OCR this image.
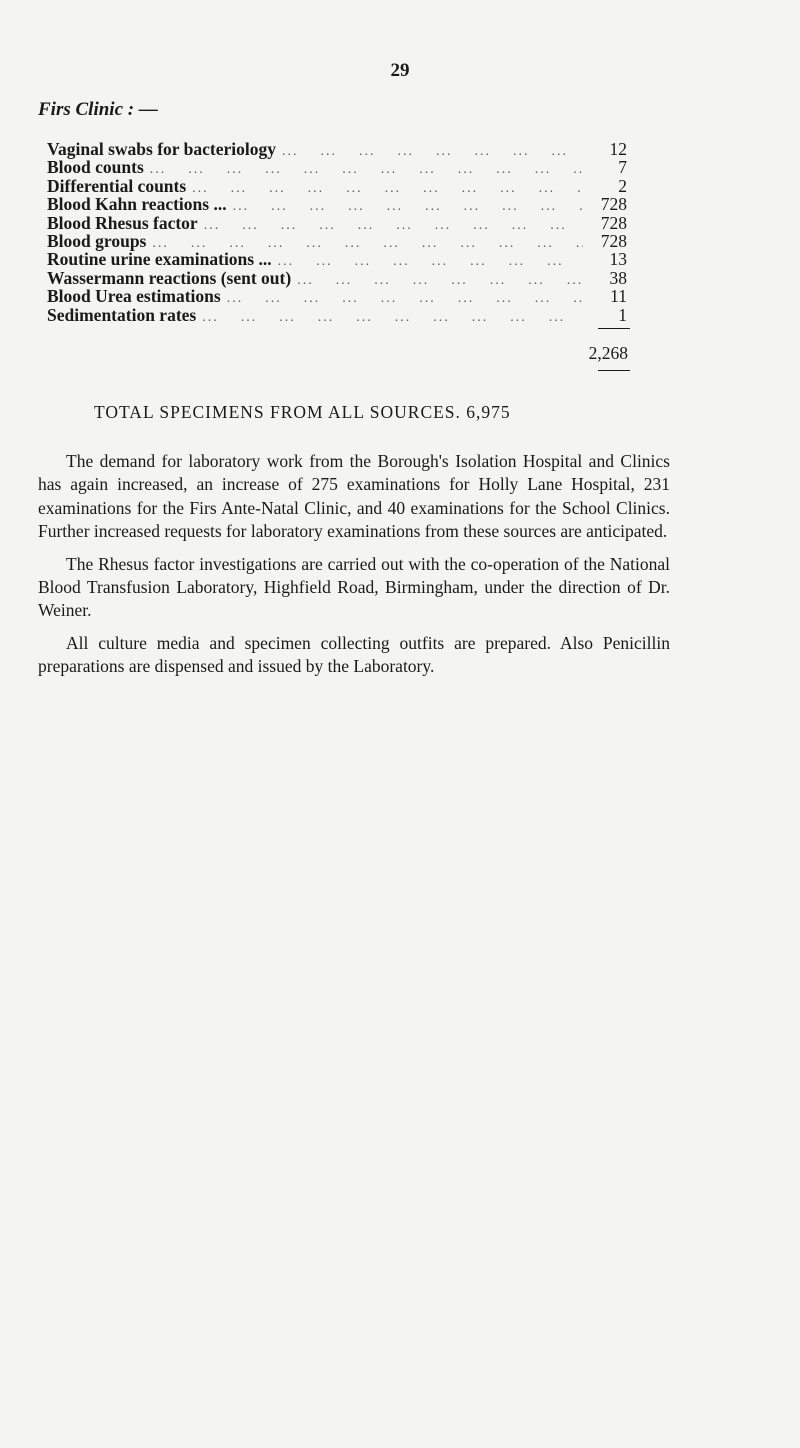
29
Firs Clinic : —
Vaginal swabs for bacteriology ...	12
Blood counts ...	7
Differential counts ...	2
Blood Kahn reactions ... ...	728
Blood Rhesus factor ...	728
Blood groups ...	728
Routine urine examinations ... ...	13
Wassermann reactions (sent out) ...	38
Blood Urea estimations ...	11
Sedimentation rates ...	1
2,268
TOTAL SPECIMENS FROM ALL SOURCES. 6,975

The demand for laboratory work from the Borough's Isolation Hospital and Clinics has again increased, an increase of 275 examinations for Holly Lane Hospital, 231 examinations for the Firs Ante-Natal Clinic, and 40 examinations for the School Clinics. Further increased requests for laboratory examinations from these sources are anticipated.

The Rhesus factor investigations are carried out with the co-operation of the National Blood Transfusion Laboratory, Highfield Road, Birmingham, under the direction of Dr. Weiner.

All culture media and specimen collecting outfits are prepared. Also Penicillin preparations are dispensed and issued by the Laboratory.
